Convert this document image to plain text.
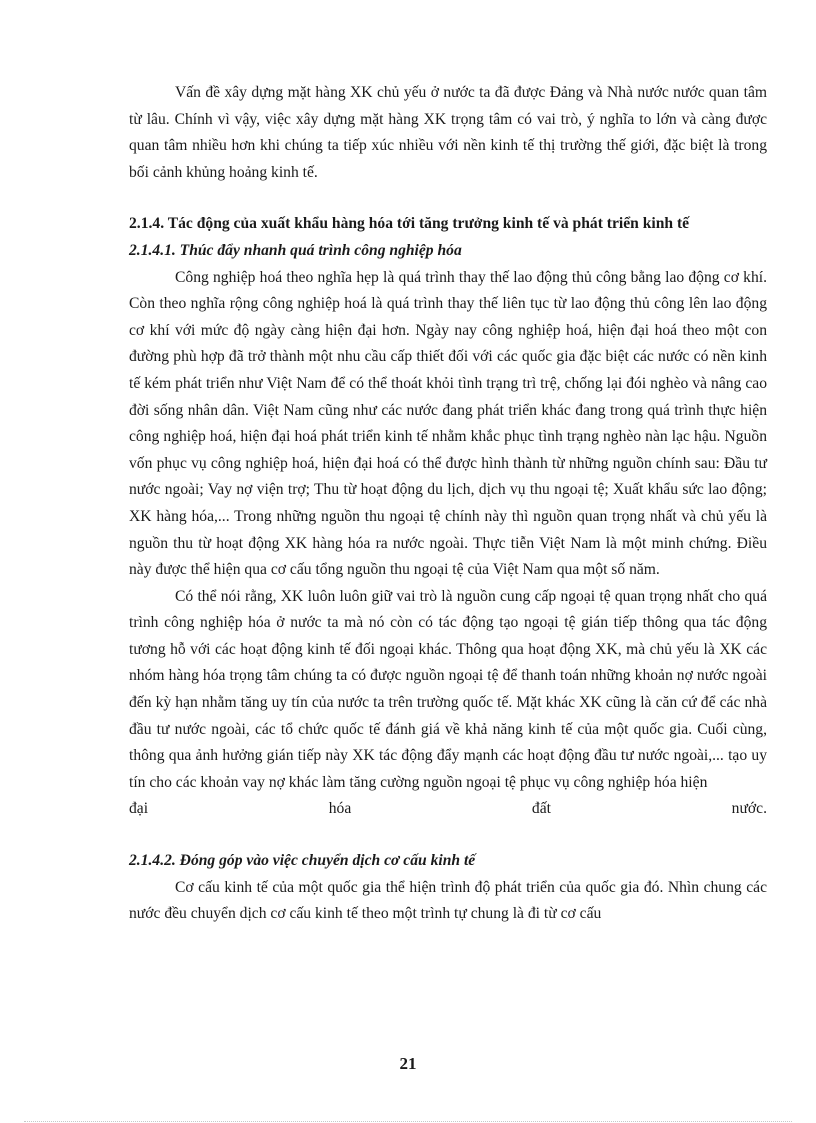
Vấn đề xây dựng mặt hàng XK chủ yếu ở nước ta đã được Đảng và Nhà nước nước quan tâm từ lâu. Chính vì vậy, việc xây dựng mặt hàng XK trọng tâm có vai trò, ý nghĩa to lớn và càng được quan tâm nhiều hơn khi chúng ta tiếp xúc nhiều với nền kinh tế thị trường thế giới, đặc biệt là trong bối cảnh khủng hoảng kinh tế.

2.1.4. Tác động của xuất khẩu hàng hóa tới tăng trưởng kinh tế và phát triển kinh tế

2.1.4.1. Thúc đẩy nhanh quá trình công nghiệp hóa

Công nghiệp hoá theo nghĩa hẹp là quá trình thay thế lao động thủ công bằng lao động cơ khí. Còn theo nghĩa rộng công nghiệp hoá là quá trình thay thế liên tục từ lao động thủ công lên lao động cơ khí với mức độ ngày càng hiện đại hơn. Ngày nay công nghiệp hoá, hiện đại hoá theo một con đường phù hợp đã trở thành một nhu cầu cấp thiết đối với các quốc gia đặc biệt các nước có nền kinh tế kém phát triển như Việt Nam để có thể thoát khỏi tình trạng trì trệ, chống lại đói nghèo và nâng cao đời sống nhân dân. Việt Nam cũng như các nước đang phát triển khác đang trong quá trình thực hiện công nghiệp hoá, hiện đại hoá phát triển kinh tế nhằm khắc phục tình trạng nghèo nàn lạc hậu. Nguồn vốn phục vụ công nghiệp hoá, hiện đại hoá có thể được hình thành từ những nguồn chính sau: Đầu tư nước ngoài; Vay nợ viện trợ; Thu từ hoạt động du lịch, dịch vụ thu ngoại tệ; Xuất khẩu sức lao động; XK hàng hóa,... Trong những nguồn thu ngoại tệ chính này thì nguồn quan trọng nhất và chủ yếu là nguồn thu từ hoạt động XK hàng hóa ra nước ngoài. Thực tiễn Việt Nam là một minh chứng. Điều này được thể hiện qua cơ cấu tổng nguồn thu ngoại tệ của Việt Nam qua một số năm.

Có thể nói rằng, XK luôn luôn giữ vai trò là nguồn cung cấp ngoại tệ quan trọng nhất cho quá trình công nghiệp hóa ở nước ta mà nó còn có tác động tạo ngoại tệ gián tiếp thông qua tác động tương hỗ với các hoạt động kinh tế đối ngoại khác. Thông qua hoạt động XK, mà chủ yếu là XK các nhóm hàng hóa trọng tâm chúng ta có được nguồn ngoại tệ để thanh toán những khoản nợ nước ngoài đến kỳ hạn nhằm tăng uy tín của nước ta trên trường quốc tế. Mặt khác XK cũng là căn cứ để các nhà đầu tư nước ngoài, các tổ chức quốc tế đánh giá về khả năng kinh tế của một quốc gia. Cuối cùng, thông qua ảnh hưởng gián tiếp này XK tác động đẩy mạnh các hoạt động đầu tư nước ngoài,... tạo uy tín cho các khoản vay nợ khác làm tăng cường nguồn ngoại tệ phục vụ công nghiệp hóa hiện

đại hóa đất nước.

2.1.4.2. Đóng góp vào việc chuyển dịch cơ cấu kinh tế

Cơ cấu kinh tế của một quốc gia thể hiện trình độ phát triển của quốc gia đó. Nhìn chung các nước đều chuyển dịch cơ cấu kinh tế theo một trình tự chung là đi từ cơ cấu

21
